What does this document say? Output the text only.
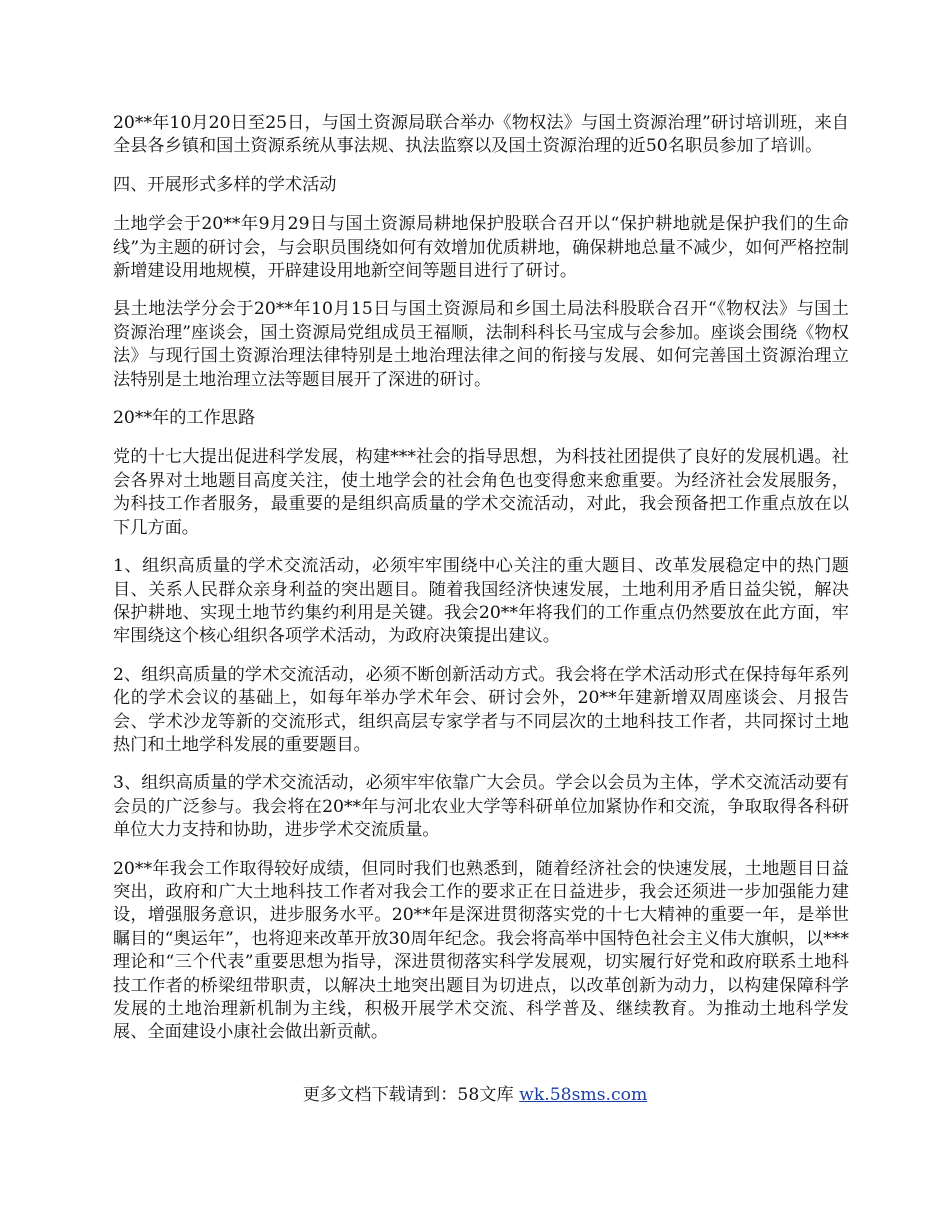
20**年10月20日至25日，与国土资源局联合举办《物权法》与国土资源治理”研讨培训班，来自全县各乡镇和国土资源系统从事法规、执法监察以及国土资源治理的近50名职员参加了培训。

四、开展形式多样的学术活动

土地学会于20**年9月29日与国土资源局耕地保护股联合召开以“保护耕地就是保护我们的生命线”为主题的研讨会，与会职员围绕如何有效增加优质耕地，确保耕地总量不减少，如何严格控制新增建设用地规模，开辟建设用地新空间等题目进行了研讨。

县土地法学分会于20**年10月15日与国土资源局和乡国土局法科股联合召开“《物权法》与国土资源治理”座谈会，国土资源局党组成员王福顺，法制科科长马宝成与会参加。座谈会围绕《物权法》与现行国土资源治理法律特别是土地治理法律之间的衔接与发展、如何完善国土资源治理立法特别是土地治理立法等题目展开了深进的研讨。

20**年的工作思路

党的十七大提出促进科学发展，构建***社会的指导思想，为科技社团提供了良好的发展机遇。社会各界对土地题目高度关注，使土地学会的社会角色也变得愈来愈重要。为经济社会发展服务，为科技工作者服务，最重要的是组织高质量的学术交流活动，对此，我会预备把工作重点放在以下几方面。

1、组织高质量的学术交流活动，必须牢牢围绕中心关注的重大题目、改革发展稳定中的热门题目、关系人民群众亲身利益的突出题目。随着我国经济快速发展，土地利用矛盾日益尖锐，解决保护耕地、实现土地节约集约利用是关键。我会20**年将我们的工作重点仍然要放在此方面，牢牢围绕这个核心组织各项学术活动，为政府决策提出建议。

2、组织高质量的学术交流活动，必须不断创新活动方式。我会将在学术活动形式在保持每年系列化的学术会议的基础上，如每年举办学术年会、研讨会外，20**年建新增双周座谈会、月报告会、学术沙龙等新的交流形式，组织高层专家学者与不同层次的土地科技工作者，共同探讨土地热门和土地学科发展的重要题目。

3、组织高质量的学术交流活动，必须牢牢依靠广大会员。学会以会员为主体，学术交流活动要有会员的广泛参与。我会将在20**年与河北农业大学等科研单位加紧协作和交流，争取取得各科研单位大力支持和协助，进步学术交流质量。

20**年我会工作取得较好成绩，但同时我们也熟悉到，随着经济社会的快速发展，土地题目日益突出，政府和广大土地科技工作者对我会工作的要求正在日益进步，我会还须进一步加强能力建设，增强服务意识，进步服务水平。20**年是深进贯彻落实党的十七大精神的重要一年，是举世瞩目的“奥运年”，也将迎来改革开放30周年纪念。我会将高举中国特色社会主义伟大旗帜，以***理论和“三个代表”重要思想为指导，深进贯彻落实科学发展观，切实履行好党和政府联系土地科技工作者的桥梁纽带职责，以解决土地突出题目为切进点，以改革创新为动力，以构建保障科学发展的土地治理新机制为主线，积极开展学术交流、科学普及、继续教育。为推动土地科学发展、全面建设小康社会做出新贡献。

更多文档下载请到：58文库 wk.58sms.com
